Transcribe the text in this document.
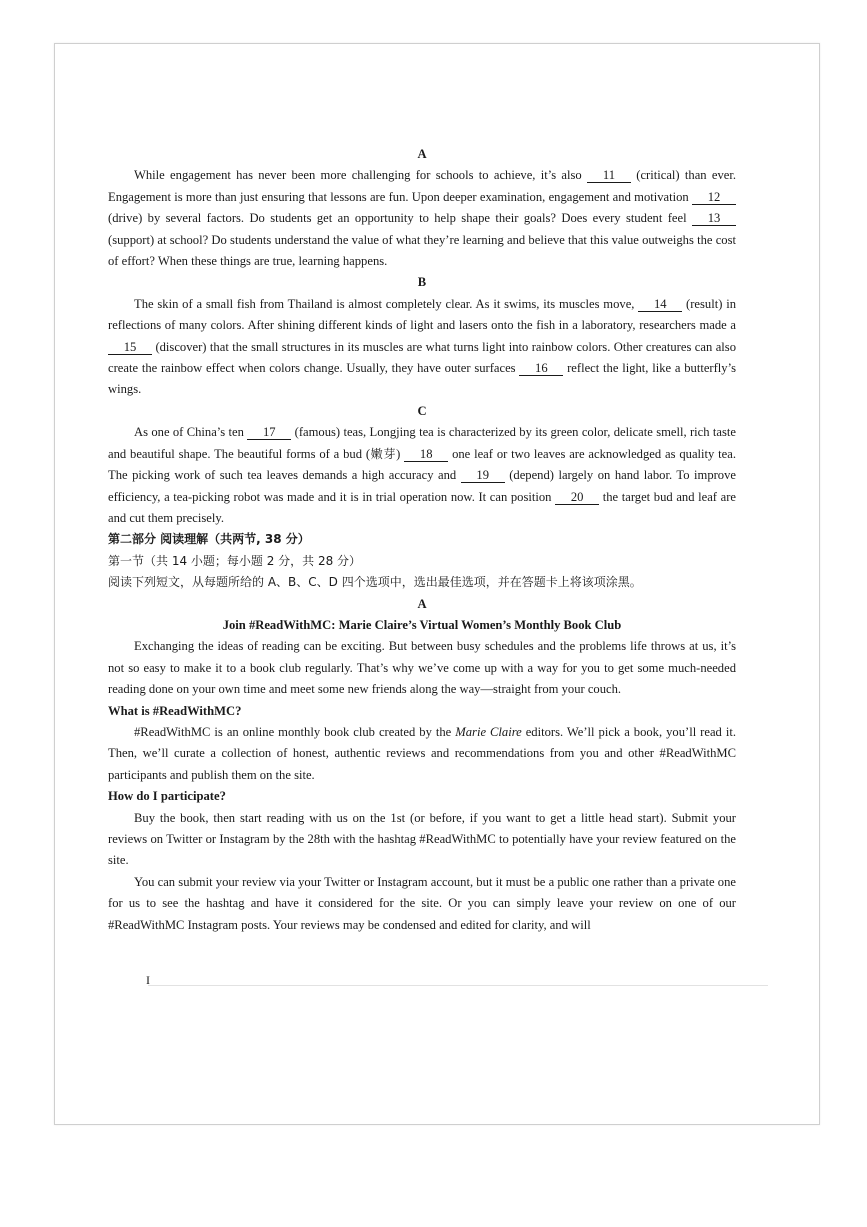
A

While engagement has never been more challenging for schools to achieve, it’s also 11 (critical) than ever. Engagement is more than just ensuring that lessons are fun. Upon deeper examination, engagement and motivation 12 (drive) by several factors. Do students get an opportunity to help shape their goals? Does every student feel 13 (support) at school? Do students understand the value of what they’re learning and believe that this value outweighs the cost of effort? When these things are true, learning happens.

B

The skin of a small fish from Thailand is almost completely clear. As it swims, its muscles move, 14 (result) in reflections of many colors. After shining different kinds of light and lasers onto the fish in a laboratory, researchers made a 15 (discover) that the small structures in its muscles are what turns light into rainbow colors. Other creatures can also create the rainbow effect when colors change. Usually, they have outer surfaces 16 reflect the light, like a butterfly’s wings.

C

As one of China’s ten 17 (famous) teas, Longjing tea is characterized by its green color, delicate smell, rich taste and beautiful shape. The beautiful forms of a bud (嫩芽) 18 one leaf or two leaves are acknowledged as quality tea. The picking work of such tea leaves demands a high accuracy and 19 (depend) largely on hand labor. To improve efficiency, a tea-picking robot was made and it is in trial operation now. It can position 20 the target bud and leaf are and cut them precisely.

第二部分 阅读理解（共两节, 38 分）

第一节（共 14 小题；每小题 2 分，共 28 分）

阅读下列短文，从每题所给的 A、B、C、D 四个选项中，选出最佳选项，并在答题卡上将该项涂黑。

A

Join #ReadWithMC: Marie Claire’s Virtual Women’s Monthly Book Club

Exchanging the ideas of reading can be exciting. But between busy schedules and the problems life throws at us, it’s not so easy to make it to a book club regularly. That’s why we’ve come up with a way for you to get some much-needed reading done on your own time and meet some new friends along the way—straight from your couch.

What is #ReadWithMC?

#ReadWithMC is an online monthly book club created by the Marie Claire editors. We’ll pick a book, you’ll read it. Then, we’ll curate a collection of honest, authentic reviews and recommendations from you and other #ReadWithMC participants and publish them on the site.

How do I participate?

Buy the book, then start reading with us on the 1st (or before, if you want to get a little head start). Submit your reviews on Twitter or Instagram by the 28th with the hashtag #ReadWithMC to potentially have your review featured on the site.

You can submit your review via your Twitter or Instagram account, but it must be a public one rather than a private one for us to see the hashtag and have it considered for the site. Or you can simply leave your review on one of our #ReadWithMC Instagram posts. Your reviews may be condensed and edited for clarity, and will

I
